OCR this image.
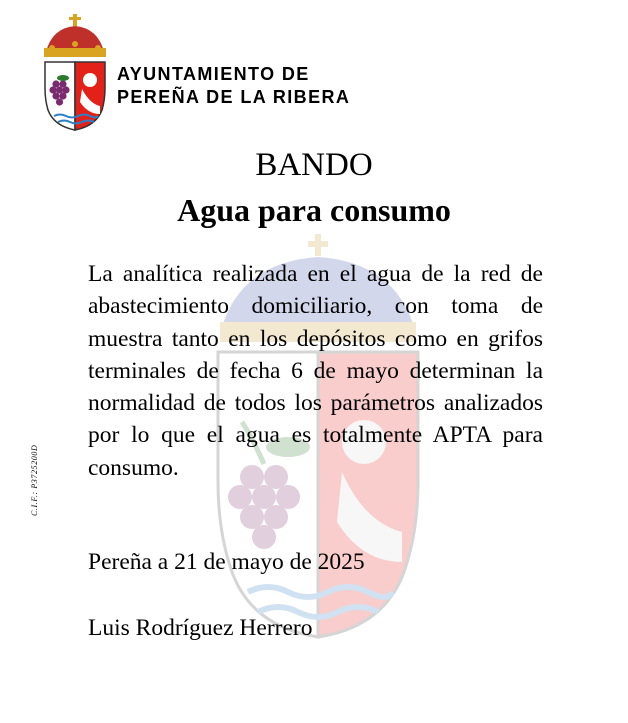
AYUNTAMIENTO DE
PEREÑA DE LA RIBERA
C.I.F.: P3725200D
BANDO
Agua para consumo
La analítica realizada en el agua de la red de abastecimiento domiciliario, con toma de muestra tanto en los depósitos como en grifos terminales de fecha 6 de mayo determinan la normalidad de todos los parámetros analizados por lo que el agua es totalmente APTA para consumo.
Pereña a 21 de mayo de 2025
Luis Rodríguez Herrero
